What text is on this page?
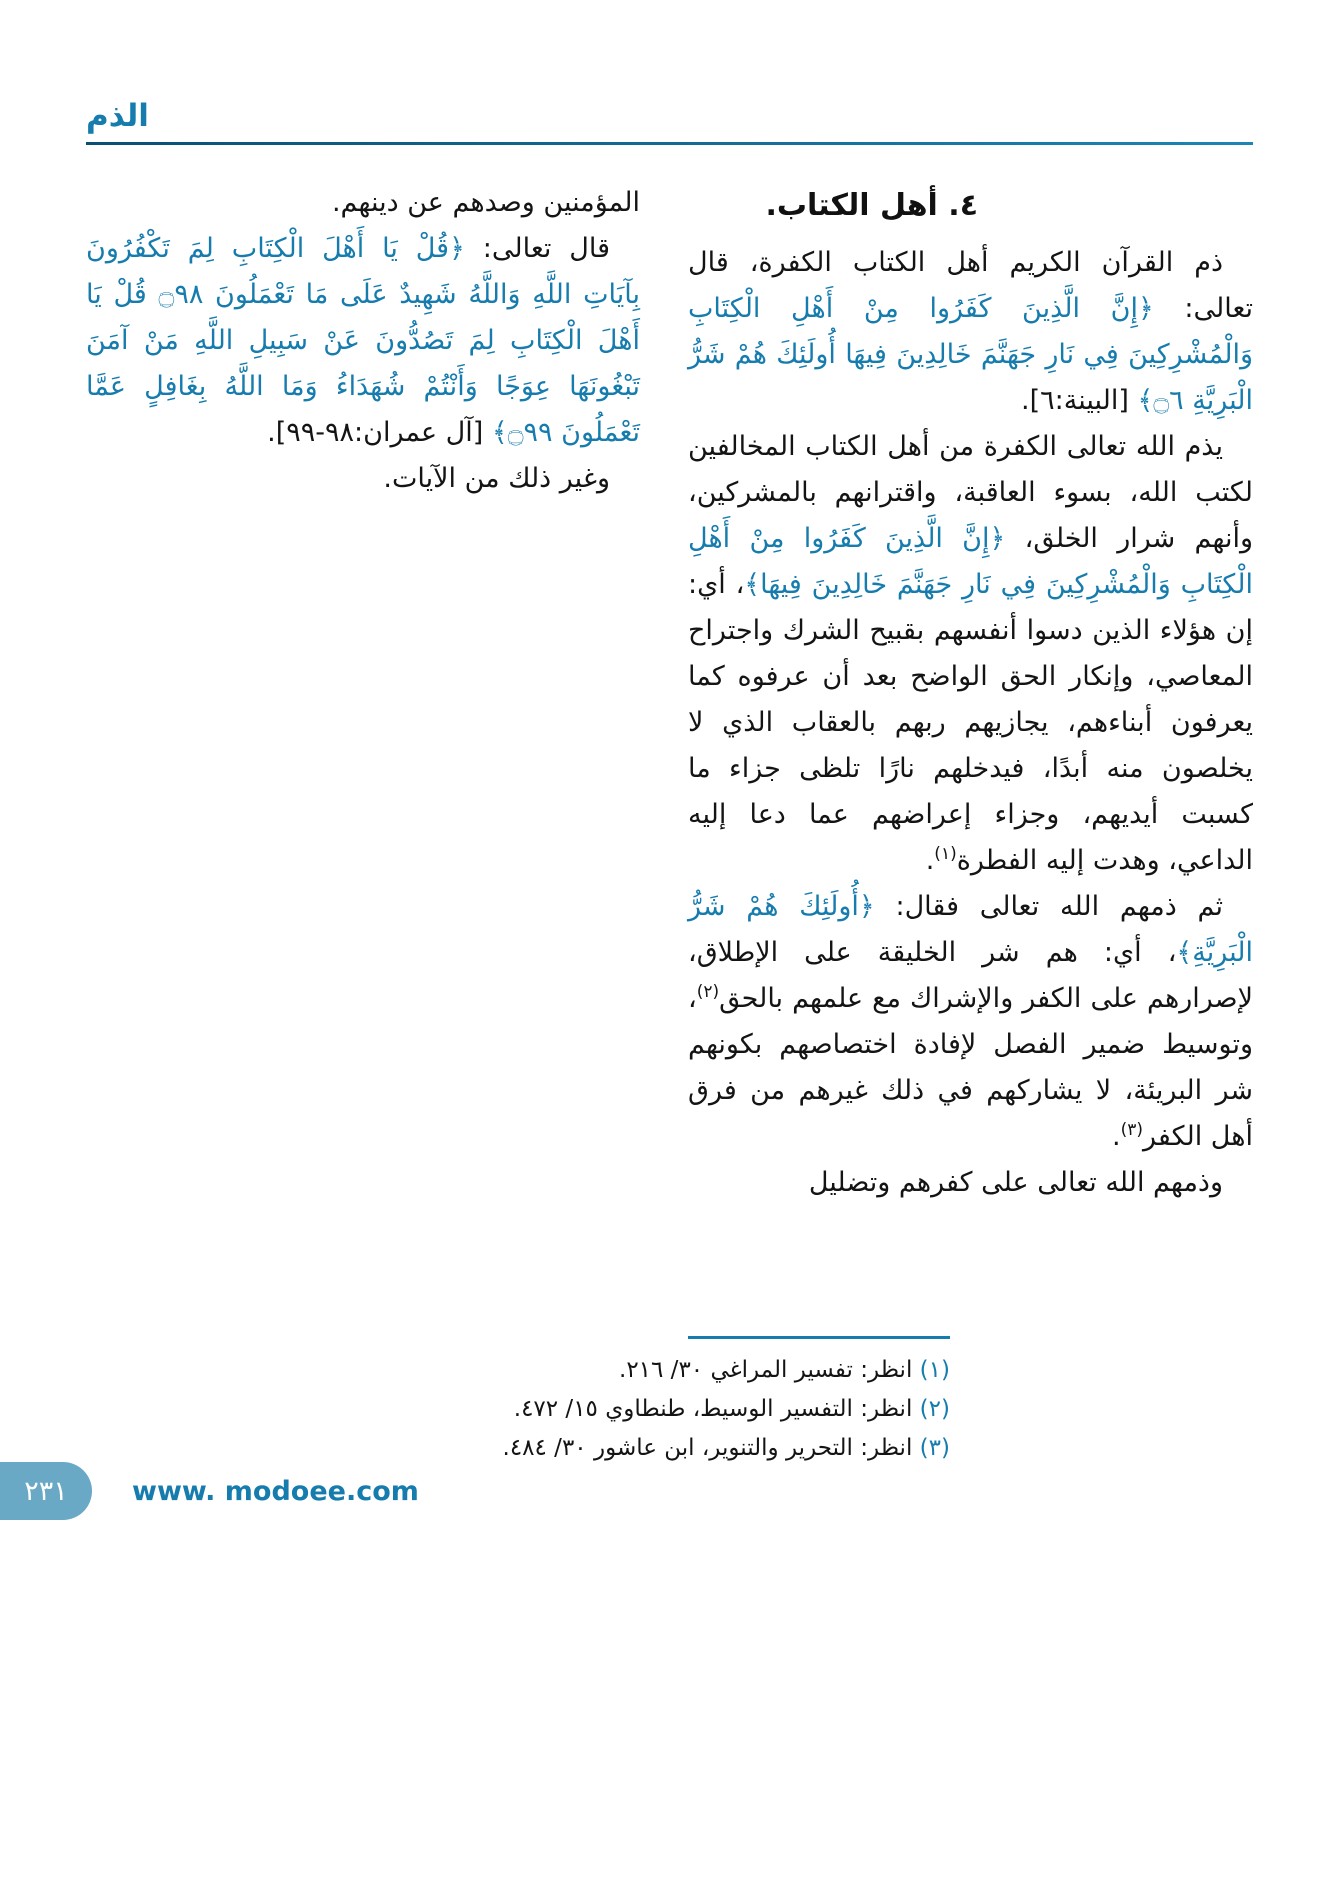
الذم
٤. أهل الكتاب.

ذم القرآن الكريم أهل الكتاب الكفرة، قال تعالى: ﴿إِنَّ الَّذِينَ كَفَرُوا مِنْ أَهْلِ الْكِتَابِ وَالْمُشْرِكِينَ فِي نَارِ جَهَنَّمَ خَالِدِينَ فِيهَا أُولَئِكَ هُمْ شَرُّ الْبَرِيَّةِ ۝٦﴾ [البينة:٦].

يذم الله تعالى الكفرة من أهل الكتاب المخالفين لكتب الله، بسوء العاقبة، واقترانهم بالمشركين، وأنهم شرار الخلق، ﴿إِنَّ الَّذِينَ كَفَرُوا مِنْ أَهْلِ الْكِتَابِ وَالْمُشْرِكِينَ فِي نَارِ جَهَنَّمَ خَالِدِينَ فِيهَا﴾، أي: إن هؤلاء الذين دسوا أنفسهم بقبيح الشرك واجتراح المعاصي، وإنكار الحق الواضح بعد أن عرفوه كما يعرفون أبناءهم، يجازيهم ربهم بالعقاب الذي لا يخلصون منه أبدًا، فيدخلهم نارًا تلظى جزاء ما كسبت أيديهم، وجزاء إعراضهم عما دعا إليه الداعي، وهدت إليه الفطرة$^{(١)}$.

ثم ذمهم الله تعالى فقال: ﴿أُولَئِكَ هُمْ شَرُّ الْبَرِيَّةِ﴾، أي: هم شر الخليقة على الإطلاق، لإصرارهم على الكفر والإشراك مع علمهم بالحق$^{(٢)}$، وتوسيط ضمير الفصل لإفادة اختصاصهم بكونهم شر البريئة، لا يشاركهم في ذلك غيرهم من فرق أهل الكفر$^{(٣)}$.

وذمهم الله تعالى على كفرهم وتضليل

المؤمنين وصدهم عن دينهم.

قال تعالى: ﴿قُلْ يَا أَهْلَ الْكِتَابِ لِمَ تَكْفُرُونَ بِآيَاتِ اللَّهِ وَاللَّهُ شَهِيدٌ عَلَى مَا تَعْمَلُونَ ۝٩٨ قُلْ يَا أَهْلَ الْكِتَابِ لِمَ تَصُدُّونَ عَنْ سَبِيلِ اللَّهِ مَنْ آمَنَ تَبْغُونَهَا عِوَجًا وَأَنْتُمْ شُهَدَاءُ وَمَا اللَّهُ بِغَافِلٍ عَمَّا تَعْمَلُونَ ۝٩٩﴾ [آل عمران:٩٨-٩٩].

وغير ذلك من الآيات.

(١) انظر: تفسير المراغي ٣٠/ ٢١٦.
(٢) انظر: التفسير الوسيط، طنطاوي ١٥/ ٤٧٢.
(٣) انظر: التحرير والتنوير، ابن عاشور ٣٠/ ٤٨٤.
٢٣١ www. modoee.com
